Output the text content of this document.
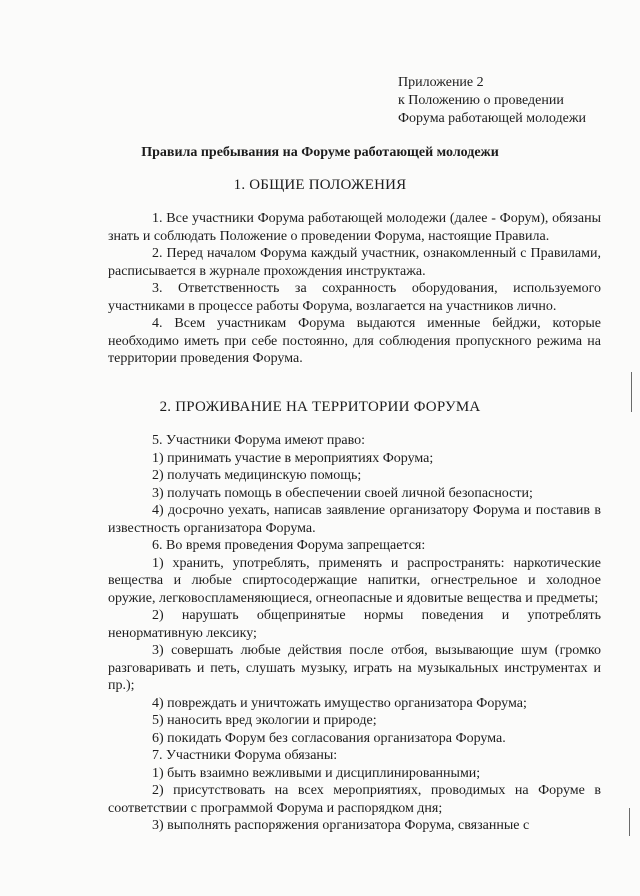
Приложение 2
к Положению о проведении
Форума работающей молодежи
Правила пребывания на Форуме работающей молодежи
1. ОБЩИЕ ПОЛОЖЕНИЯ

1. Все участники Форума работающей молодежи (далее - Форум), обязаны знать и соблюдать Положение о проведении Форума, настоящие Правила.

2. Перед началом Форума каждый участник, ознакомленный с Правилами, расписывается в журнале прохождения инструктажа.

3. Ответственность за сохранность оборудования, используемого участниками в процессе работы Форума, возлагается на участников лично.

4. Всем участникам Форума выдаются именные бейджи, которые необходимо иметь при себе постоянно, для соблюдения пропускного режима на территории проведения Форума.

2. ПРОЖИВАНИЕ НА ТЕРРИТОРИИ ФОРУМА

5. Участники Форума имеют право:

1) принимать участие в мероприятиях Форума;

2) получать медицинскую помощь;

3) получать помощь в обеспечении своей личной безопасности;

4) досрочно уехать, написав заявление организатору Форума и поставив в известность организатора Форума.

6. Во время проведения Форума запрещается:

1) хранить, употреблять, применять и распространять: наркотические вещества и любые спиртосодержащие напитки, огнестрельное и холодное оружие, легковоспламеняющиеся, огнеопасные и ядовитые вещества и предметы;

2) нарушать общепринятые нормы поведения и употреблять ненормативную лексику;

3) совершать любые действия после отбоя, вызывающие шум (громко разговаривать и петь, слушать музыку, играть на музыкальных инструментах и пр.);

4) повреждать и уничтожать имущество организатора Форума;

5) наносить вред экологии и природе;

6) покидать Форум без согласования организатора Форума.

7. Участники Форума обязаны:

1) быть взаимно вежливыми и дисциплинированными;

2) присутствовать на всех мероприятиях, проводимых на Форуме в соответствии с программой Форума и распорядком дня;

3) выполнять распоряжения организатора Форума, связанные с
